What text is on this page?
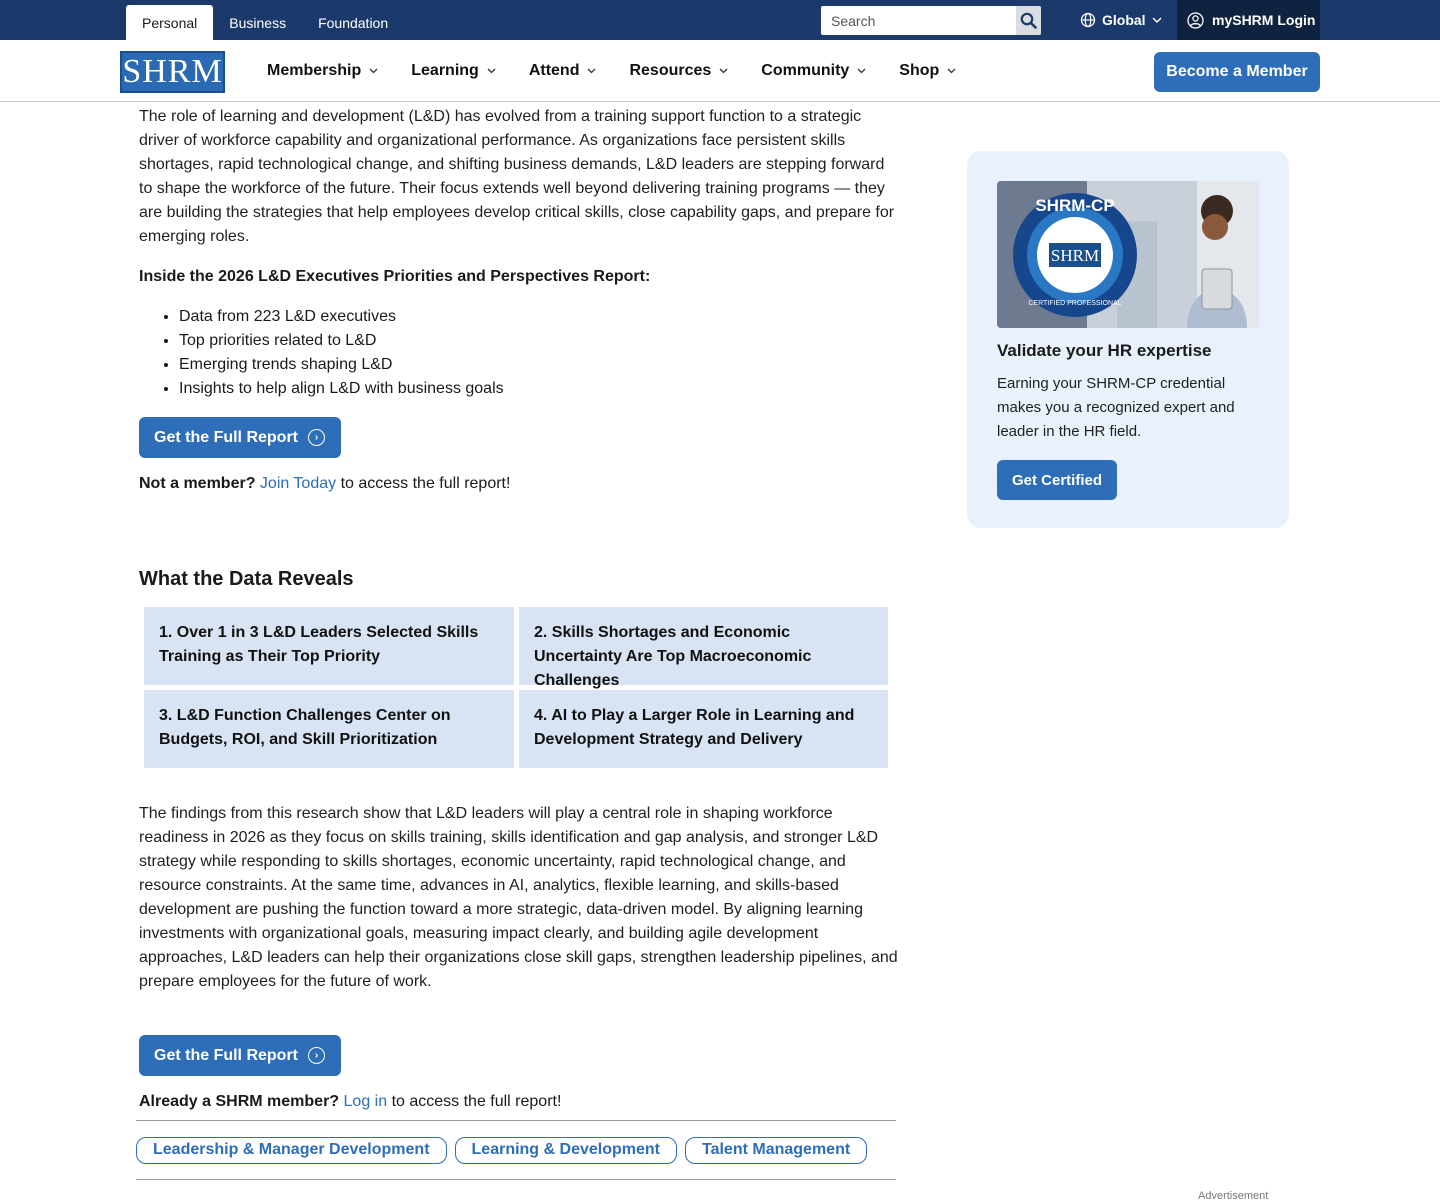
Personal	Business	Foundation
Search	Global	mySHRM Login
SHRM	Membership	Learning	Attend	Resources	Community	Shop	Become a Member

The role of learning and development (L&D) has evolved from a training support function to a strategic driver of workforce capability and organizational performance. As organizations face persistent skills shortages, rapid technological change, and shifting business demands, L&D leaders are stepping forward to shape the workforce of the future. Their focus extends well beyond delivering training programs — they are building the strategies that help employees develop critical skills, close capability gaps, and prepare for emerging roles.

Inside the 2026 L&D Executives Priorities and Perspectives Report:

• Data from 223 L&D executives
• Top priorities related to L&D
• Emerging trends shaping L&D
• Insights to help align L&D with business goals
Get the Full Report	›

Not a member? Join Today to access the full report!

What the Data Reveals
1. Over 1 in 3 L&D Leaders Selected Skills Training as Their Top Priority
2. Skills Shortages and Economic Uncertainty Are Top Macroeconomic Challenges
3. L&D Function Challenges Center on Budgets, ROI, and Skill Prioritization
4. AI to Play a Larger Role in Learning and Development Strategy and Delivery

The findings from this research show that L&D leaders will play a central role in shaping workforce readiness in 2026 as they focus on skills training, skills identification and gap analysis, and stronger L&D strategy while responding to skills shortages, economic uncertainty, rapid technological change, and resource constraints. At the same time, advances in AI, analytics, flexible learning, and skills-based development are pushing the function toward a more strategic, data-driven model. By aligning learning investments with organizational goals, measuring impact clearly, and building agile development approaches, L&D leaders can help their organizations close skill gaps, strengthen leadership pipelines, and prepare employees for the future of work.

Get the Full Report	›

Already a SHRM member? Log in to access the full report!

Leadership & Manager Development	Learning & Development	Talent Management
SHRM
SHRM-CP
CERTIFIED PROFESSIONAL
Validate your HR expertise
Earning your SHRM-CP credential makes you a recognized expert and leader in the HR field.
Get Certified
Advertisement
